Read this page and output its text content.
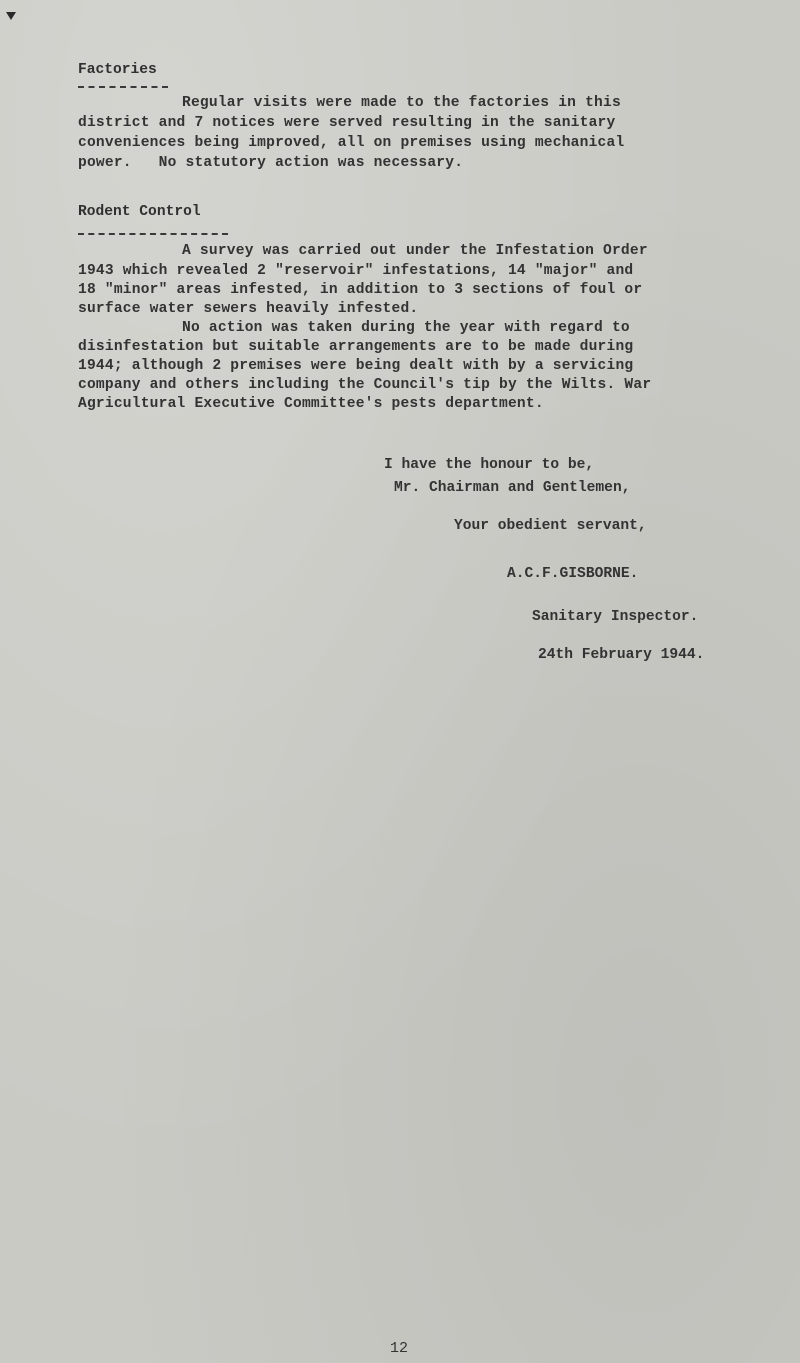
Factories
Regular visits were made to the factories in this
district and 7 notices were served resulting in the sanitary
conveniences being improved, all on premises using mechanical
power.   No statutory action was necessary.
Rodent Control
A survey was carried out under the Infestation Order
1943 which revealed 2 "reservoir" infestations, 14 "major" and
18 "minor" areas infested, in addition to 3 sections of foul or
surface water sewers heavily infested.
No action was taken during the year with regard to
disinfestation but suitable arrangements are to be made during
1944; although 2 premises were being dealt with by a servicing
company and others including the Council's tip by the Wilts. War
Agricultural Executive Committee's pests department.
I have the honour to be,
Mr. Chairman and Gentlemen,
Your obedient servant,
A.C.F.GISBORNE.
Sanitary Inspector.
24th February 1944.
12
